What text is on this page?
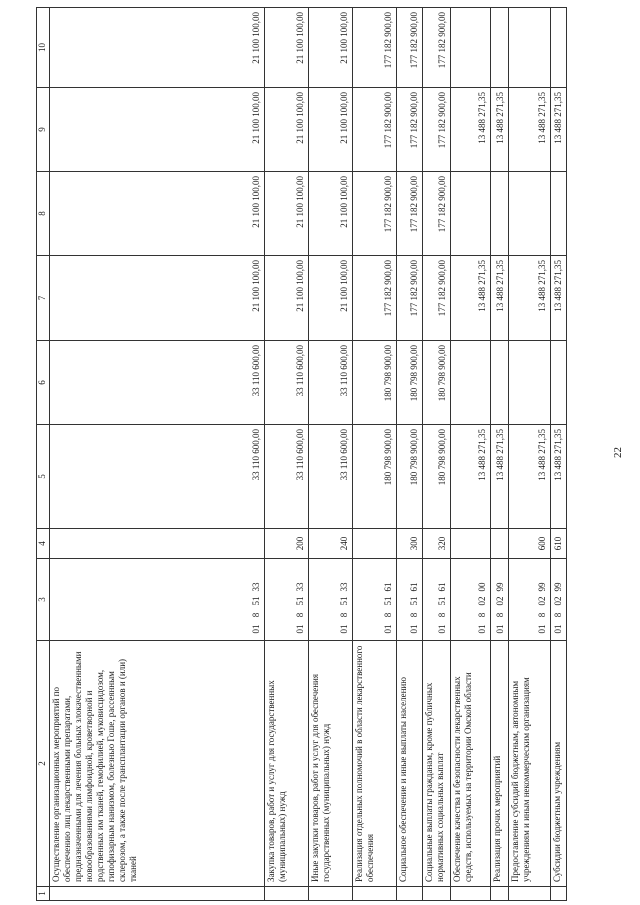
22
1	2	3	4	5	6	7	8	9	10
	Осуществление организационных мероприятий по обеспечению лиц лекарственными препаратами, предназначенными для лечения больных злокачественными новообразованиями лимфоидной, кроветворной и родственных им тканей, гемофилией, муковисцидозом, гипофизарным нанизмом, болезнью Гоше, рассеянным склерозом, а также после трансплантации органов и (или) тканей	0185133		33 110 600,00	33 110 600,00	21 100 100,00	21 100 100,00	21 100 100,00	21 100 100,00
	Закупка товаров, работ и услуг для государственных (муниципальных) нужд	0185133	200	33 110 600,00	33 110 600,00	21 100 100,00	21 100 100,00	21 100 100,00	21 100 100,00
	Иные закупки товаров, работ и услуг для обеспечения государственных (муниципальных) нужд	0185133	240	33 110 600,00	33 110 600,00	21 100 100,00	21 100 100,00	21 100 100,00	21 100 100,00
	Реализация отдельных полномочий в области лекарственного обеспечения	0185161		180 798 900,00	180 798 900,00	177 182 900,00	177 182 900,00	177 182 900,00	177 182 900,00
	Социальное обеспечение и иные выплаты населению	0185161	300	180 798 900,00	180 798 900,00	177 182 900,00	177 182 900,00	177 182 900,00	177 182 900,00
	Социальные выплаты гражданам, кроме публичных нормативных социальных выплат	0185161	320	180 798 900,00	180 798 900,00	177 182 900,00	177 182 900,00	177 182 900,00	177 182 900,00
	Обеспечение качества и безопасности лекарственных средств, используемых на территории Омской области	0180200		13 488 271,35		13 488 271,35		13 488 271,35	
	Реализация прочих мероприятий	0180299		13 488 271,35		13 488 271,35		13 488 271,35	
	Предоставление субсидий бюджетным, автономным учреждениям и иным некоммерческим организациям	0180299	600	13 488 271,35		13 488 271,35		13 488 271,35	
	Субсидии бюджетным учреждениям	0180299	610	13 488 271,35		13 488 271,35		13 488 271,35	
